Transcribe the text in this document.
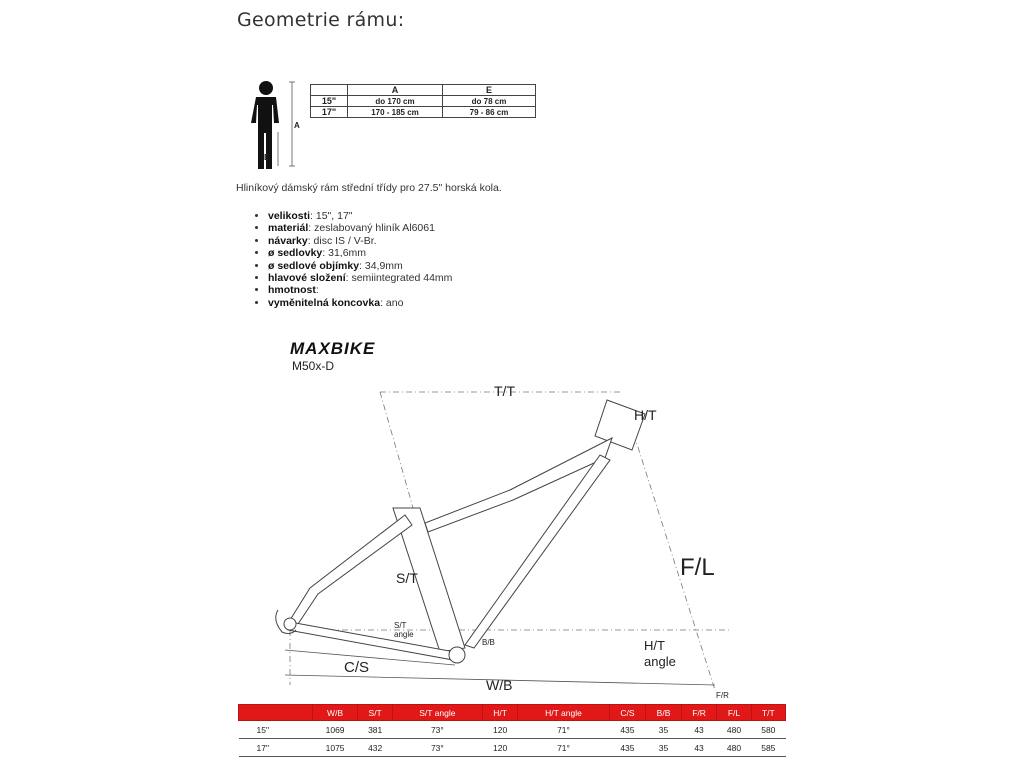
Geometrie rámu:
A
E
	A	E
15"	do 170 cm	do 78 cm
17"	170 - 185 cm	79 - 86 cm
Hliníkový dámský rám střední třídy pro 27.5" horská kola.
• velikosti: 15", 17"
• materiál: zeslabovaný hliník Al6061
• návarky: disc IS / V-Br.
• ø sedlovky: 31,6mm
• ø sedlové objímky: 34,9mm
• hlavové složení: semiintegrated 44mm
• hmotnost:
• vyměnitelná koncovka: ano
MAXBIKE
M50x-D
T/T
H/T
F/L
S/T
S/T
angle
B/B	H/T
angle
C/S
W/B
F/R
	W/B	S/T	S/T angle	H/T	H/T angle	C/S	B/B	F/R	F/L	T/T
15"	1069	381	73°	120	71°	435	35	43	480	580
17"	1075	432	73°	120	71°	435	35	43	480	585
